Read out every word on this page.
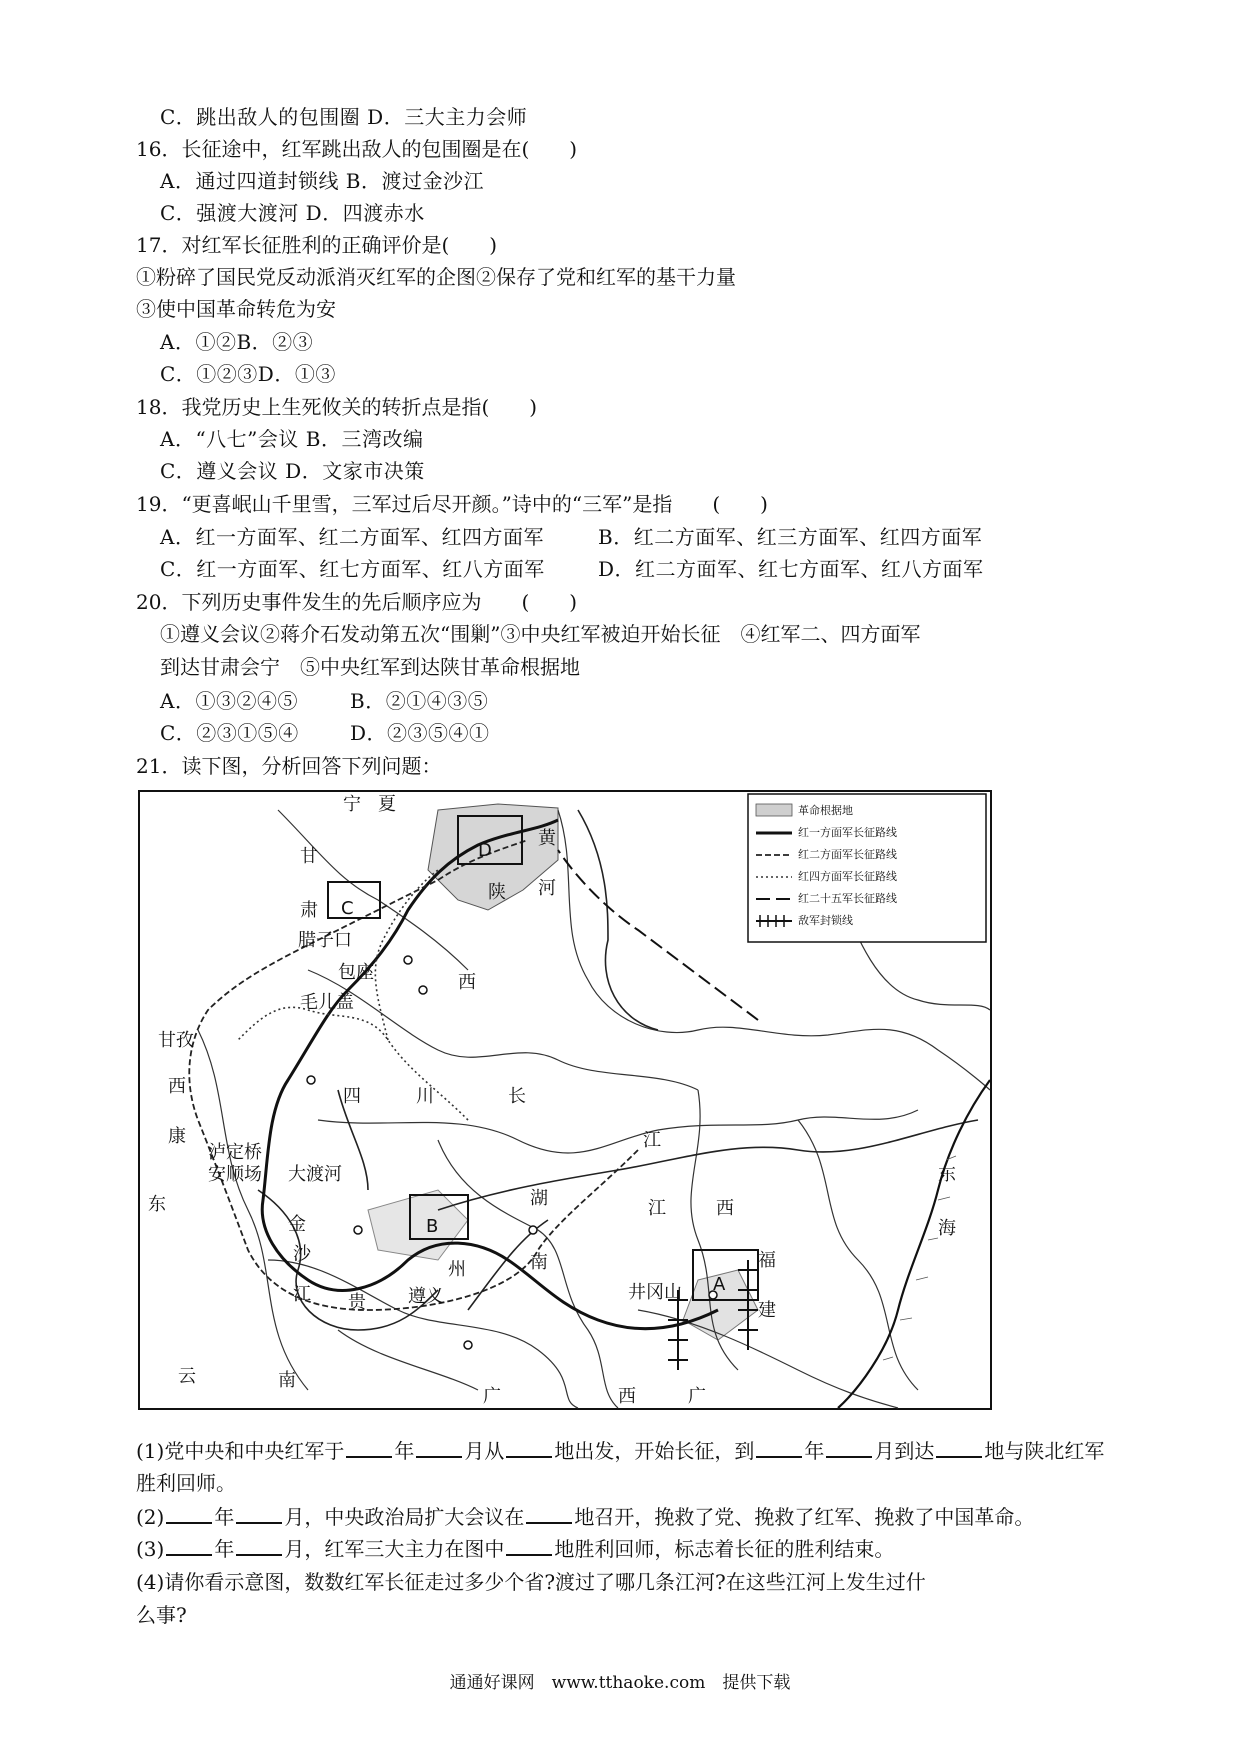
C．跳出敌人的包围圈 D．三大主力会师
16．长征途中，红军跳出敌人的包围圈是在(　　)
A．通过四道封锁线 B．渡过金沙江
C．强渡大渡河 D．四渡赤水
17．对红军长征胜利的正确评价是(　　)
①粉碎了国民党反动派消灭红军的企图②保存了党和红军的基干力量
③使中国革命转危为安
A．①②B．②③
C．①②③D．①③
18．我党历史上生死攸关的转折点是指(　　)
A．“八七”会议 B．三湾改编
C．遵义会议 D．文家市决策
19．“更喜岷山千里雪，三军过后尽开颜。”诗中的“三军”是指　　(　　)
A．红一方面军、红二方面军、红四方面军	B．红二方面军、红三方面军、红四方面军
C．红一方面军、红七方面军、红八方面军	D．红二方面军、红七方面军、红八方面军
20．下列历史事件发生的先后顺序应为　　(　　)
①遵义会议②蒋介石发动第五次“围剿”③中央红军被迫开始长征　④红军二、四方面军
到达甘肃会宁　⑤中央红军到达陕甘革命根据地
A．①③②④⑤	B．②①④③⑤
C．②③①⑤④	D．②③⑤④①
21．读下图，分析回答下列问题：
A
B
C
D
革命根据地
红一方面军长征路线
红二方面军长征路线
红四方面军长征路线
红二十五军长征路线
敌军封锁线
宁 夏
甘
肃
黄
河
陕
西
腊子口
包座
毛儿盖
甘孜
西
康
四	川	长
江
泸定桥
安顺场 大渡河
湖
南
江	西
福
建
东
海
井冈山
金
沙
江 贵
州
遵义
云	南
广	西	广
东
(1)党中央和中央红军于	年	月从	地出发，开始长征，到	年	月到达	地与陕北红军
胜利回师。
(2)	年	月，中央政治局扩大会议在	地召开，挽救了党、挽救了红军、挽救了中国革命。
(3)	年	月，红军三大主力在图中	地胜利回师，标志着长征的胜利结束。
(4)请你看示意图，数数红军长征走过多少个省?渡过了哪几条江河?在这些江河上发生过什
么事?
通通好课网　www.tthaoke.com　提供下载
